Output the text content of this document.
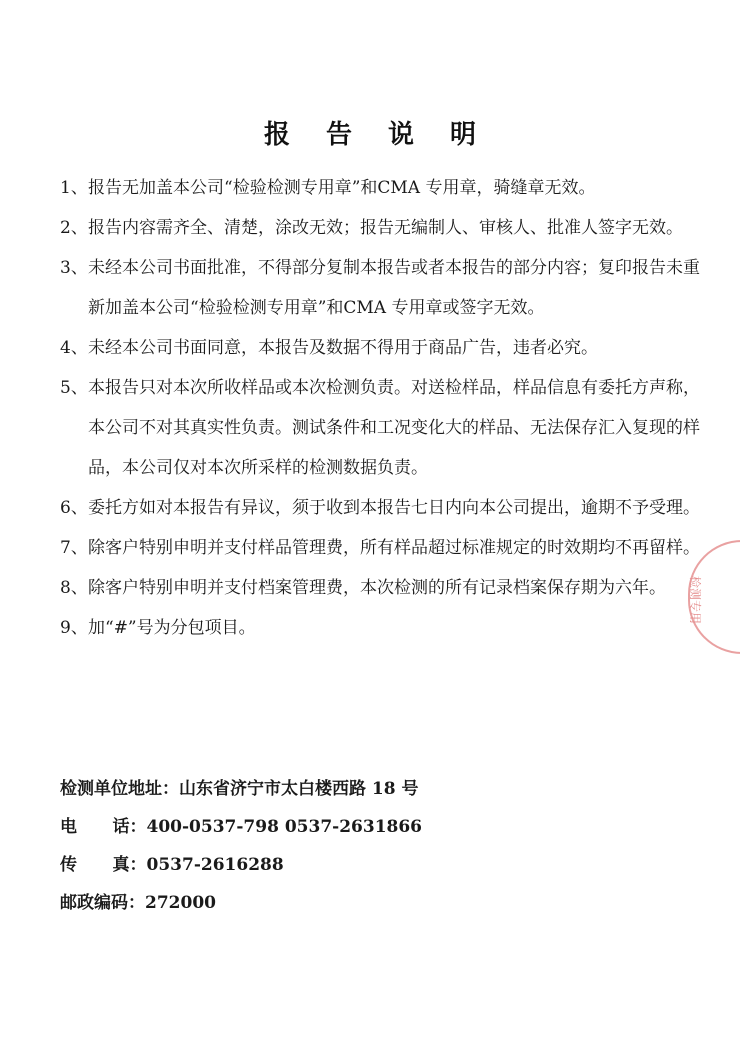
报告说明
1、 报告无加盖本公司“检验检测专用章”和CMA 专用章，骑缝章无效。
2、 报告内容需齐全、清楚，涂改无效；报告无编制人、审核人、批准人签字无效。
3、 未经本公司书面批准，不得部分复制本报告或者本报告的部分内容；复印报告未重新加盖本公司“检验检测专用章”和CMA 专用章或签字无效。
4、 未经本公司书面同意，本报告及数据不得用于商品广告，违者必究。
5、 本报告只对本次所收样品或本次检测负责。对送检样品，样品信息有委托方声称，本公司不对其真实性负责。测试条件和工况变化大的样品、无法保存汇入复现的样品，本公司仅对本次所采样的检测数据负责。
6、 委托方如对本报告有异议，须于收到本报告七日内向本公司提出，逾期不予受理。
7、 除客户特别申明并支付样品管理费，所有样品超过标准规定的时效期均不再留样。
8、 除客户特别申明并支付档案管理费，本次检测的所有记录档案保存期为六年。
9、 加“#”号为分包项目。
检测单位地址： 山东省济宁市太白楼西路 18 号
电      话： 400-0537-798 0537-2631866
传      真： 0537-2616288
邮政编码： 272000
检测专用
